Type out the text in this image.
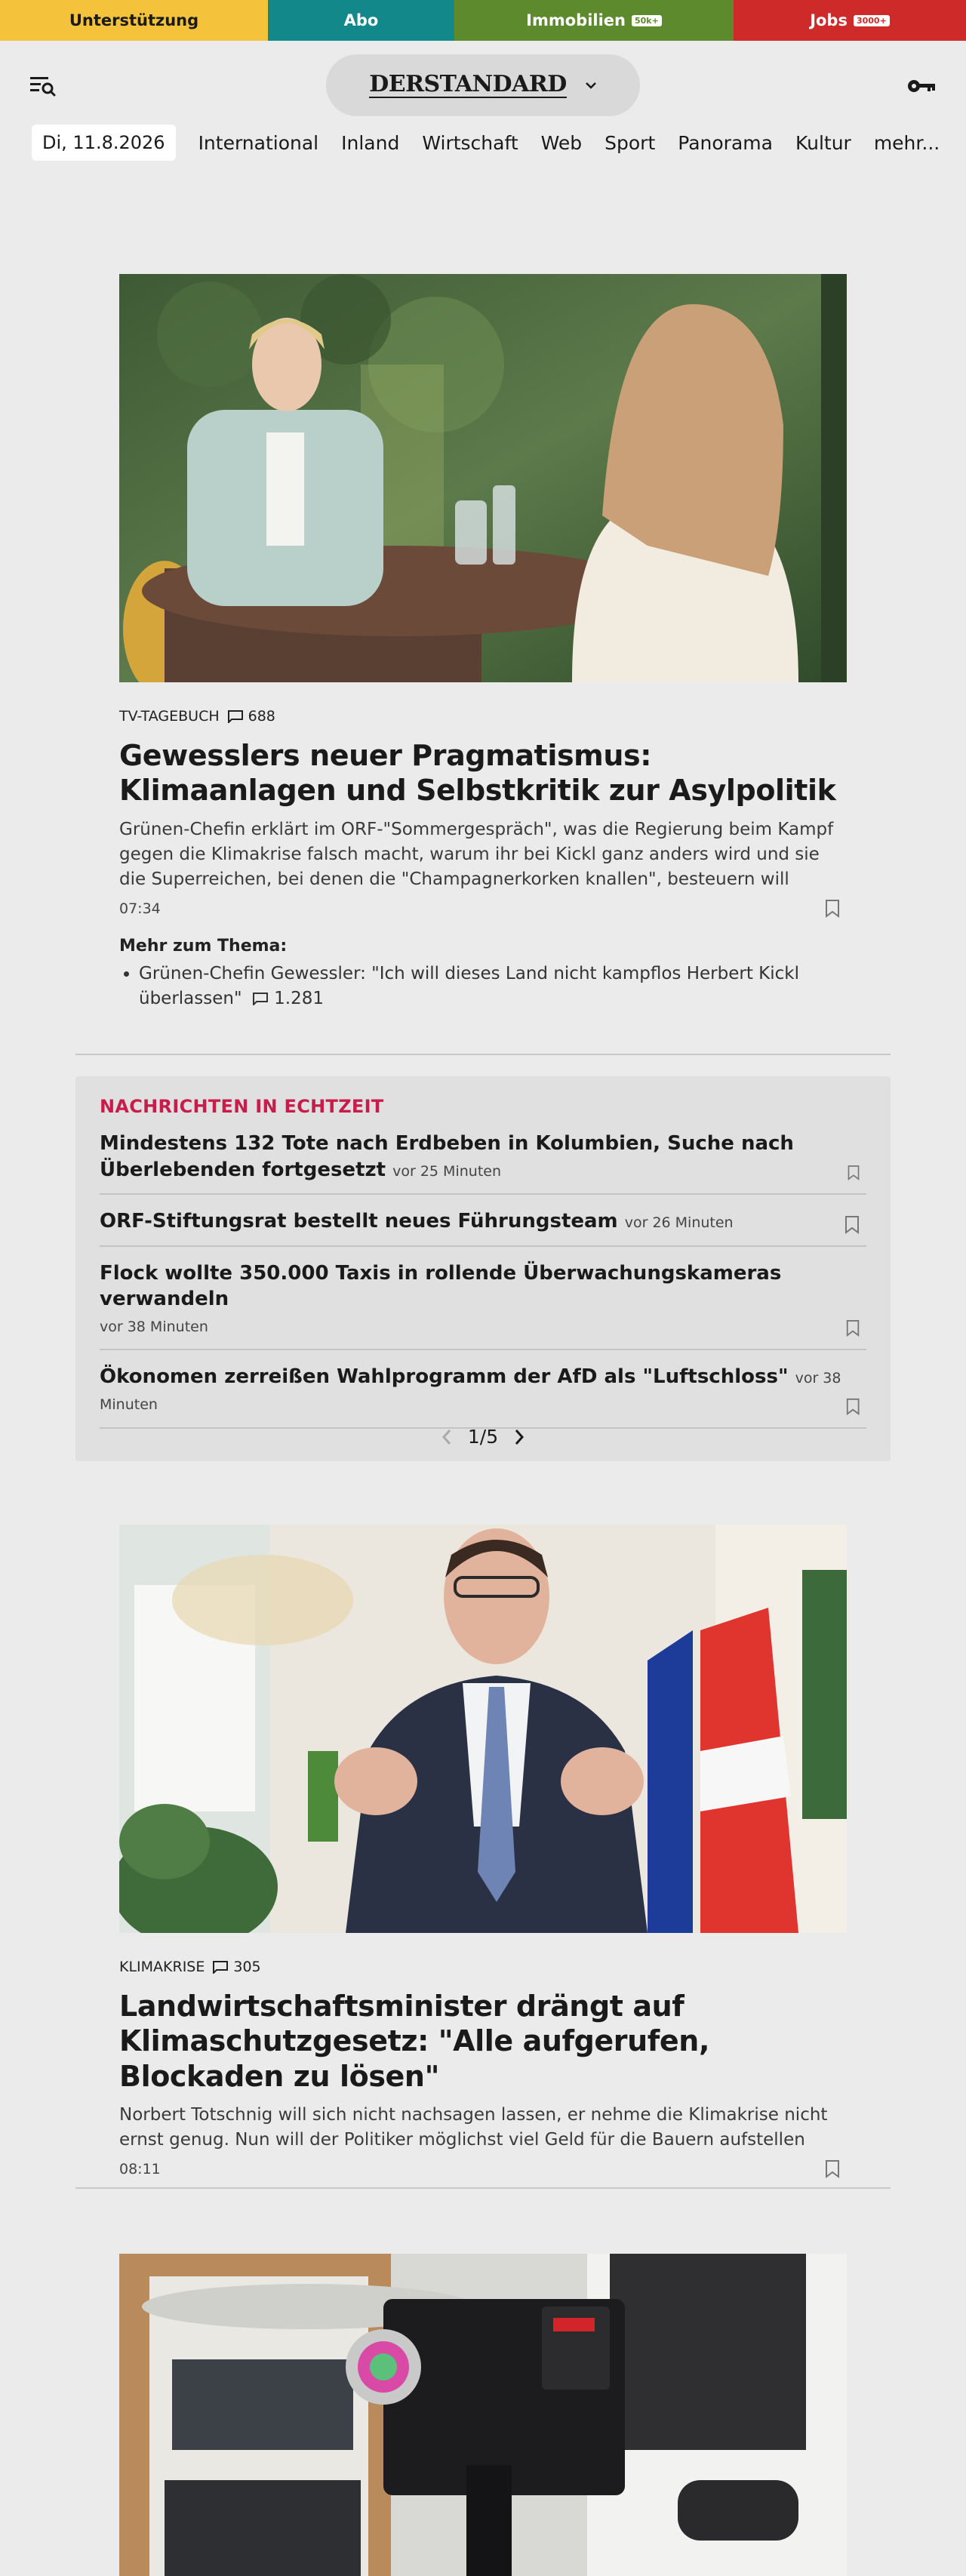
Unterstützung	Abo	Immobilien	50k+	Jobs	3000+
DERSTANDARD
Di, 11.8.2026	International Inland Wirtschaft Web Sport Panorama Kultur mehr...
TV-TAGEBUCH 688
Gewesslers neuer Pragmatismus: Klimaanlagen und Selbstkritik zur Asylpolitik
Grünen-Chefin erklärt im ORF-"Sommergespräch", was die Regierung beim Kampf gegen die Klimakrise falsch macht, warum ihr bei Kickl ganz anders wird und sie die Superreichen, bei denen die "Champagnerkorken knallen", besteuern will
07:34
Mehr zum Thema:
• Grünen-Chefin Gewessler: "Ich will dieses Land nicht kampflos Herbert Kickl überlassen" 1.281
NACHRICHTEN IN ECHTZEIT
Mindestens 132 Tote nach Erdbeben in Kolumbien, Suche nach Überlebenden fortgesetzt vor 25 Minuten
ORF-Stiftungsrat bestellt neues Führungsteam vor 26 Minuten
Flock wollte 350.000 Taxis in rollende Überwachungskameras verwandeln
vor 38 Minuten
Ökonomen zerreißen Wahlprogramm der AfD als "Luftschloss" vor 38 Minuten
1/5
KLIMAKRISE 305
Landwirtschaftsminister drängt auf Klimaschutzgesetz: "Alle aufgerufen, Blockaden zu lösen"
Norbert Totschnig will sich nicht nachsagen lassen, er nehme die Klimakrise nicht ernst genug. Nun will der Politiker möglichst viel Geld für die Bauern aufstellen
08:11
